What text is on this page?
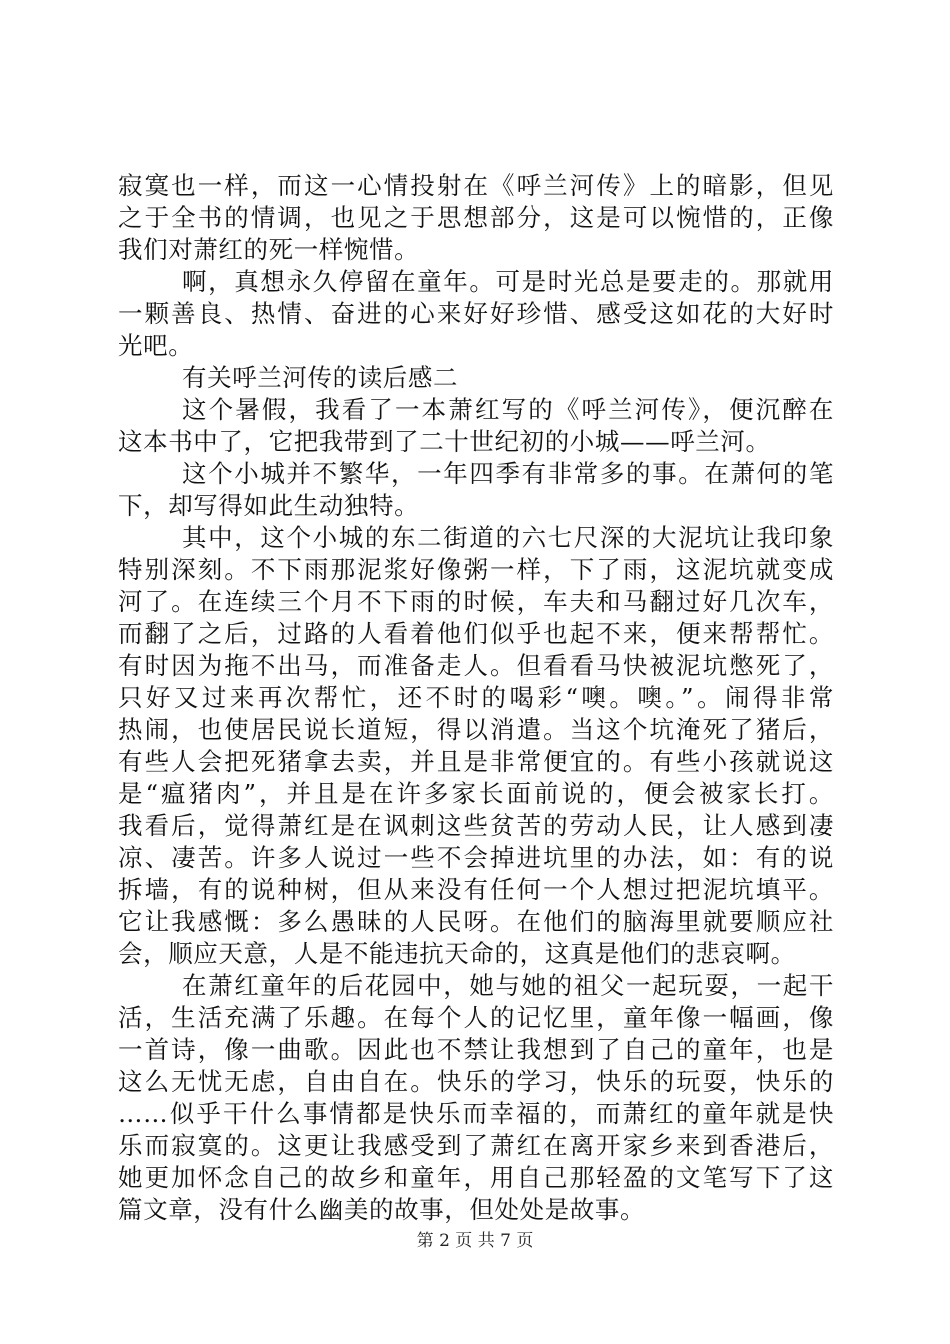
寂寞也一样，而这一心情投射在《呼兰河传》上的暗影，但见
之于全书的情调，也见之于思想部分，这是可以惋惜的，正像
我们对萧红的死一样惋惜。
啊，真想永久停留在童年。可是时光总是要走的。那就用
一颗善良、热情、奋进的心来好好珍惜、感受这如花的大好时
光吧。
有关呼兰河传的读后感二
这个暑假，我看了一本萧红写的《呼兰河传》，便沉醉在
这本书中了，它把我带到了二十世纪初的小城——呼兰河。
这个小城并不繁华，一年四季有非常多的事。在萧何的笔
下，却写得如此生动独特。
其中，这个小城的东二街道的六七尺深的大泥坑让我印象
特别深刻。不下雨那泥浆好像粥一样，下了雨，这泥坑就变成
河了。在连续三个月不下雨的时候，车夫和马翻过好几次车，
而翻了之后，过路的人看着他们似乎也起不来，便来帮帮忙。
有时因为拖不出马，而准备走人。但看看马快被泥坑憋死了，
只好又过来再次帮忙，还不时的喝彩“噢。噢。”。闹得非常
热闹，也使居民说长道短，得以消遣。当这个坑淹死了猪后，
有些人会把死猪拿去卖，并且是非常便宜的。有些小孩就说这
是“瘟猪肉”，并且是在许多家长面前说的，便会被家长打。
我看后，觉得萧红是在讽刺这些贫苦的劳动人民，让人感到凄
凉、凄苦。许多人说过一些不会掉进坑里的办法，如：有的说
拆墙，有的说种树，但从来没有任何一个人想过把泥坑填平。
它让我感慨：多么愚昧的人民呀。在他们的脑海里就要顺应社
会，顺应天意，人是不能违抗天命的，这真是他们的悲哀啊。
在萧红童年的后花园中，她与她的祖父一起玩耍，一起干
活，生活充满了乐趣。在每个人的记忆里，童年像一幅画，像
一首诗，像一曲歌。因此也不禁让我想到了自己的童年，也是
这么无忧无虑，自由自在。快乐的学习，快乐的玩耍，快乐的
……似乎干什么事情都是快乐而幸福的，而萧红的童年就是快
乐而寂寞的。这更让我感受到了萧红在离开家乡来到香港后，
她更加怀念自己的故乡和童年，用自己那轻盈的文笔写下了这
篇文章，没有什么幽美的故事，但处处是故事。
第 2 页 共 7 页
